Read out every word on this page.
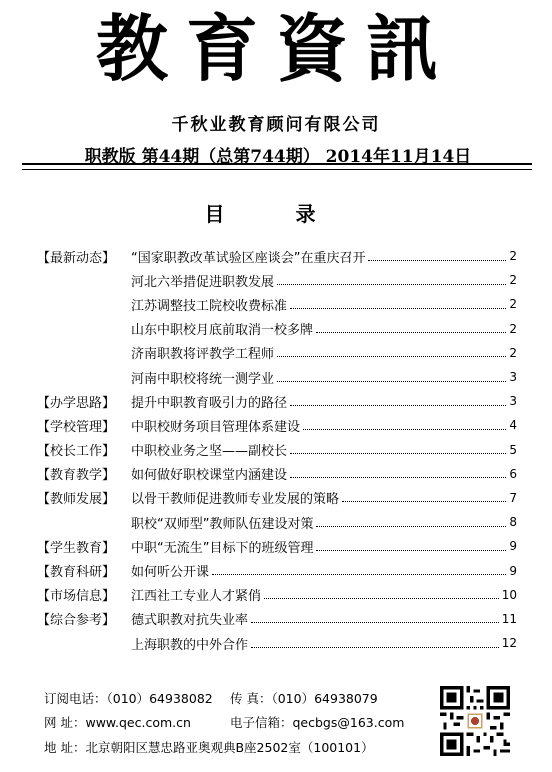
教育資訊
千秋业教育顾问有限公司
职教版 第44期（总第744期） 2014年11月14日
目 录
【最新动态】	“国家职教改革试验区座谈会”在重庆召开	2
河北六举措促进职教发展	2
江苏调整技工院校收费标准	2
山东中职校月底前取消一校多牌	2
济南职教将评教学工程师	2
河南中职校将统一测学业	3
【办学思路】	提升中职教育吸引力的路径	3
【学校管理】	中职校财务项目管理体系建设	4
【校长工作】	中职校业务之坚——副校长	5
【教育教学】	如何做好职校课堂内涵建设	6
【教师发展】	以骨干教师促进教师专业发展的策略	7
职校“双师型”教师队伍建设对策	8
【学生教育】	中职“无流生”目标下的班级管理	9
【教育科研】	如何听公开课	9
【市场信息】	江西社工专业人才紧俏	10
【综合参考】	德式职教对抗失业率	11
上海职教的中外合作	12
订阅电话：（010）64938082 传 真：（010）64938079
网 址：www.qec.com.cn	电子信箱：qecbgs@163.com
地 址：北京朝阳区慧忠路亚奥观典B座2502室（100101）
